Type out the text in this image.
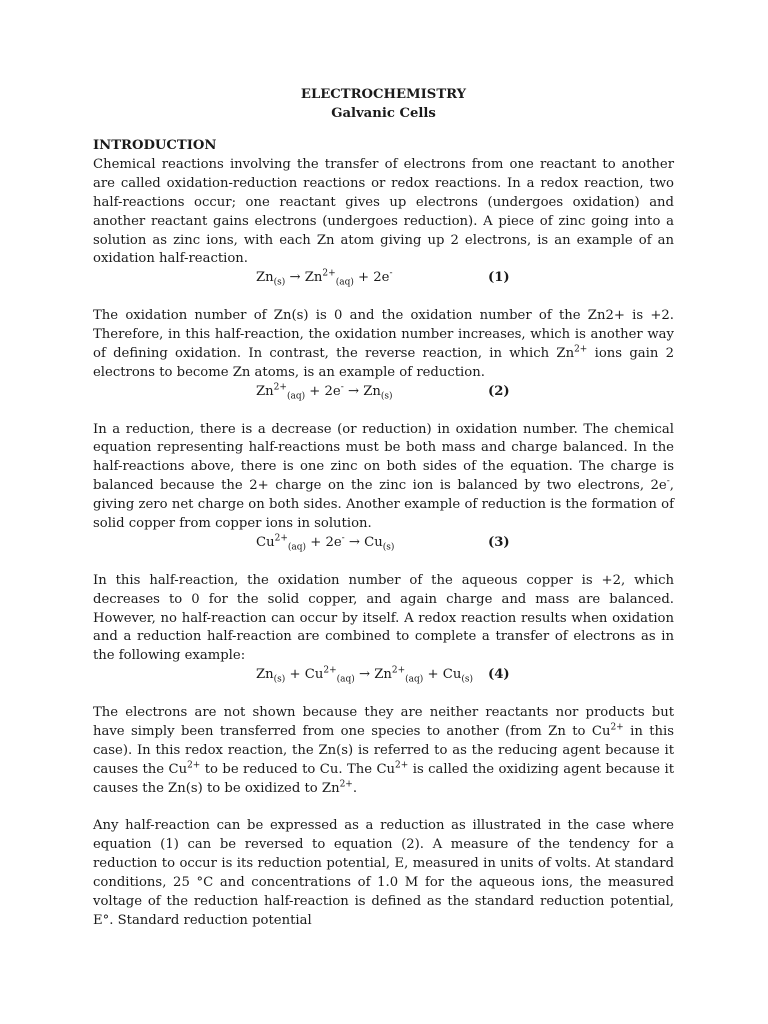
ELECTROCHEMISTRY
Galvanic Cells
INTRODUCTION

Chemical reactions involving the transfer of electrons from one reactant to another are called oxidation-reduction reactions or redox reactions. In a redox reaction, two half-reactions occur; one reactant gives up electrons (undergoes oxidation) and another reactant gains electrons (undergoes reduction). A piece of zinc going into a solution as zinc ions, with each Zn atom giving up 2 electrons, is an example of an oxidation half-reaction.

$Zn_{(s)} \to Zn^{2+}_{(aq)} + 2e^-$	(1)

The oxidation number of Zn(s) is 0 and the oxidation number of the Zn2+ is +2. Therefore, in this half-reaction, the oxidation number increases, which is another way of defining oxidation. In contrast, the reverse reaction, in which $Zn^{2+}$ ions gain 2 electrons to become Zn atoms, is an example of reduction.

$Zn^{2+}_{(aq)} + 2e^- \to Zn_{(s)}$	(2)

In a reduction, there is a decrease (or reduction) in oxidation number. The chemical equation representing half-reactions must be both mass and charge balanced. In the half-reactions above, there is one zinc on both sides of the equation. The charge is balanced because the 2+ charge on the zinc ion is balanced by two electrons, 2e-, giving zero net charge on both sides. Another example of reduction is the formation of solid copper from copper ions in solution.

$Cu^{2+}_{(aq)} + 2e^- \to Cu_{(s)}$	(3)

In this half-reaction, the oxidation number of the aqueous copper is +2, which decreases to 0 for the solid copper, and again charge and mass are balanced. However, no half-reaction can occur by itself. A redox reaction results when oxidation and a reduction half-reaction are combined to complete a transfer of electrons as in the following example:

$Zn_{(s)} + Cu^{2+}_{(aq)} \to Zn^{2+}_{(aq)} + Cu_{(s)}$ (4)

The electrons are not shown because they are neither reactants nor products but have simply been transferred from one species to another (from Zn to $Cu^{2+}$ in this case). In this redox reaction, the Zn(s) is referred to as the reducing agent because it causes the $Cu^{2+}$ to be reduced to Cu. The $Cu^{2+}$ is called the oxidizing agent because it causes the Zn(s) to be oxidized to $Zn^{2+}$.

Any half-reaction can be expressed as a reduction as illustrated in the case where equation (1) can be reversed to equation (2). A measure of the tendency for a reduction to occur is its reduction potential, E, measured in units of volts. At standard conditions, 25 °C and concentrations of 1.0 M for the aqueous ions, the measured voltage of the reduction half-reaction is defined as the standard reduction potential, E°. Standard reduction potential
